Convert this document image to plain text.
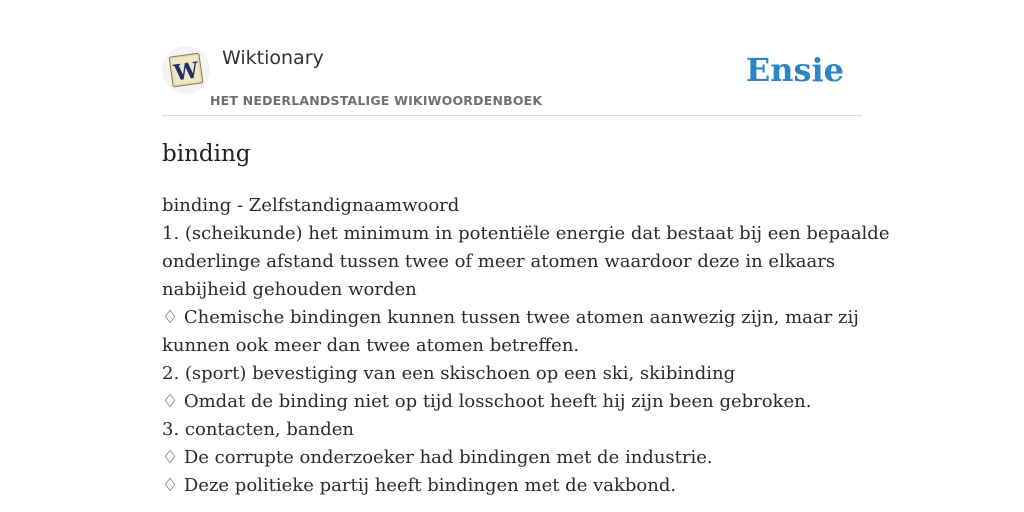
W Wiktionary
HET NEDERLANDSTALIGE WIKIWOORDENBOEK
Ensie
binding
binding - Zelfstandignaamwoord
1. (scheikunde) het minimum in potentiële energie dat bestaat bij een bepaalde
onderlinge afstand tussen twee of meer atomen waardoor deze in elkaars
nabijheid gehouden worden
♢ Chemische bindingen kunnen tussen twee atomen aanwezig zijn, maar zij
kunnen ook meer dan twee atomen betreffen.
2. (sport) bevestiging van een skischoen op een ski, skibinding
♢ Omdat de binding niet op tijd losschoot heeft hij zijn been gebroken.
3. contacten, banden
♢ De corrupte onderzoeker had bindingen met de industrie.
♢ Deze politieke partij heeft bindingen met de vakbond.
